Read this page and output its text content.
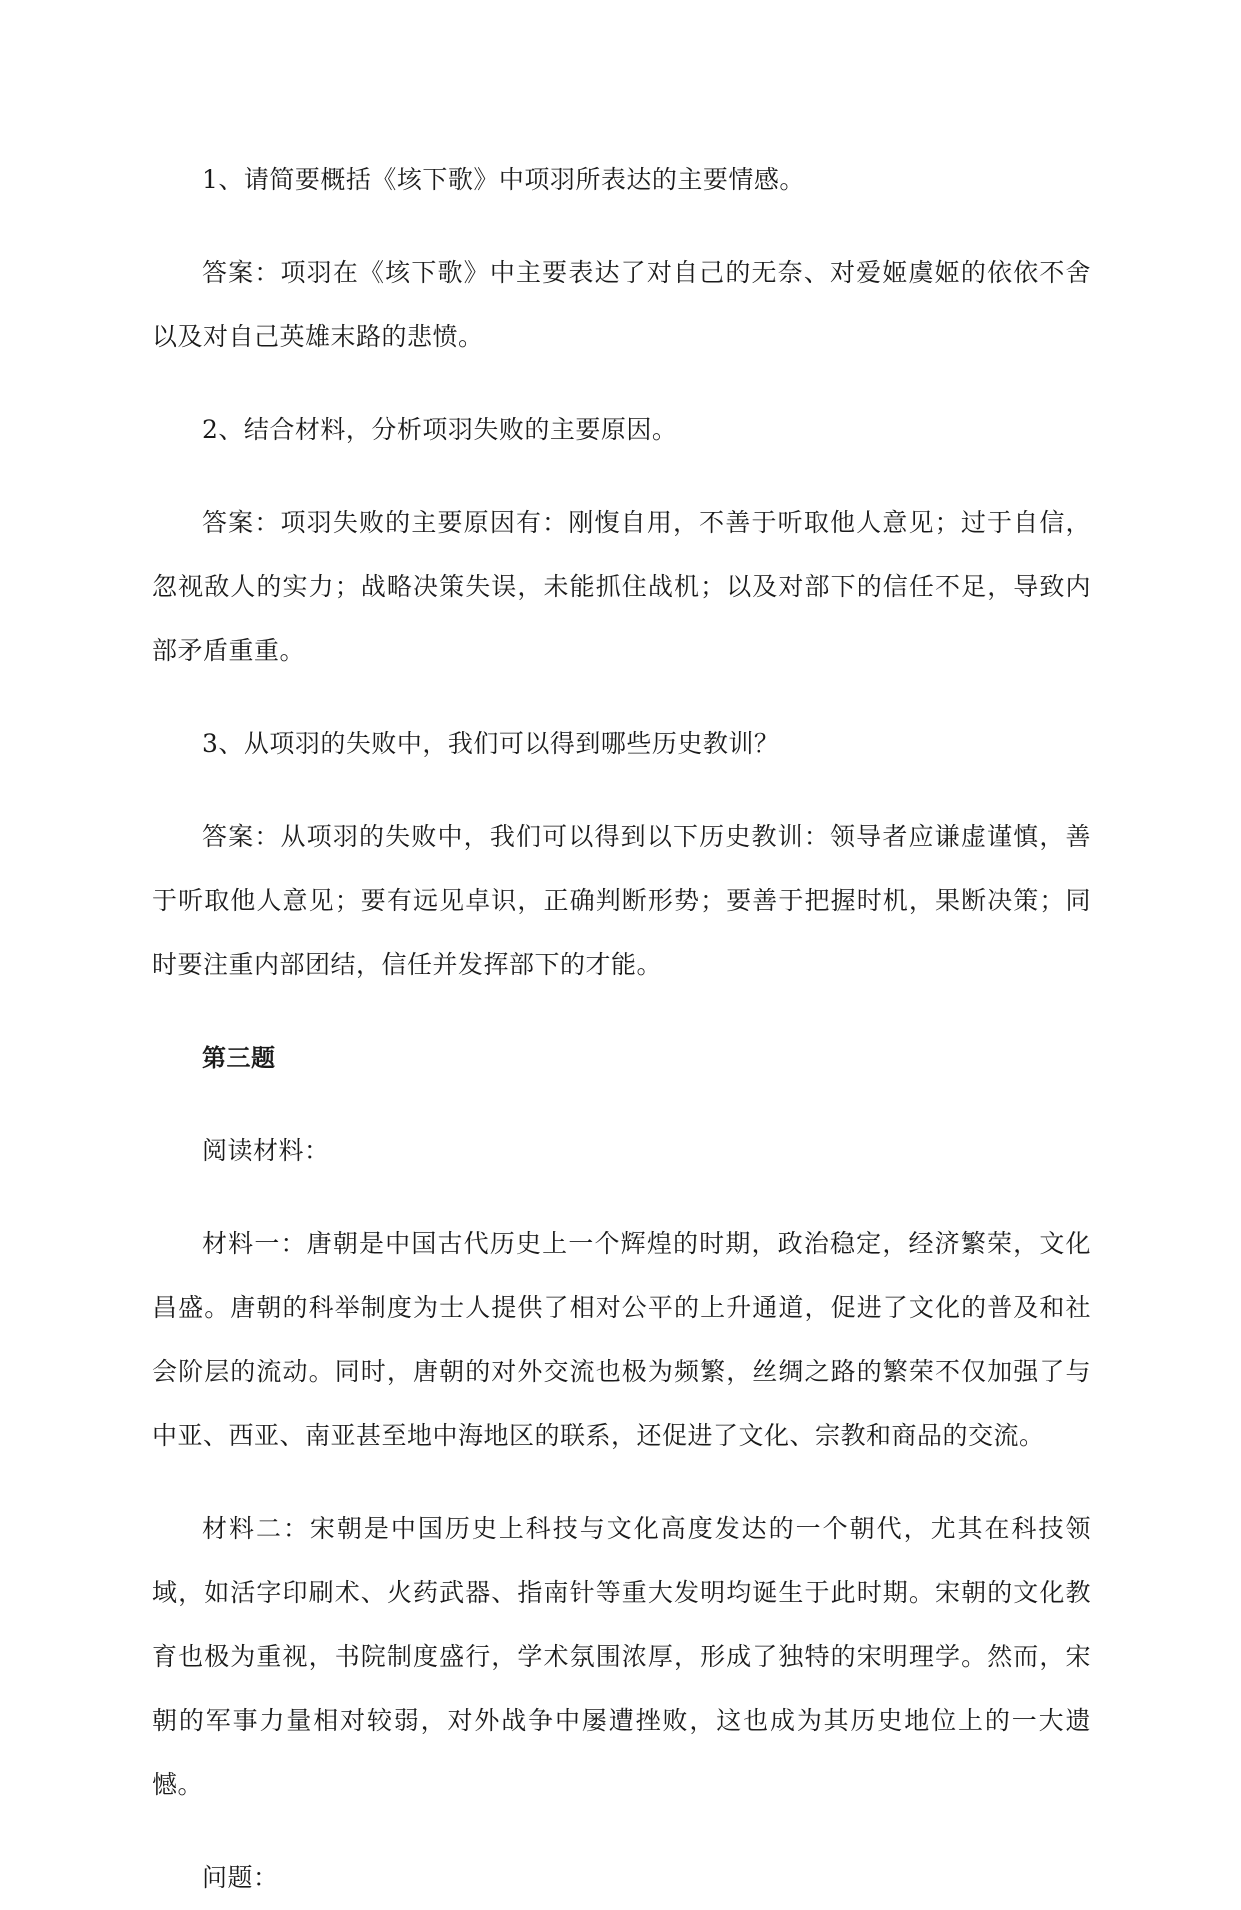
1、请简要概括《垓下歌》中项羽所表达的主要情感。

答案：项羽在《垓下歌》中主要表达了对自己的无奈、对爱姬虞姬的依依不舍以及对自己英雄末路的悲愤。

2、结合材料，分析项羽失败的主要原因。

答案：项羽失败的主要原因有：刚愎自用，不善于听取他人意见；过于自信，忽视敌人的实力；战略决策失误，未能抓住战机；以及对部下的信任不足，导致内部矛盾重重。

3、从项羽的失败中，我们可以得到哪些历史教训？

答案：从项羽的失败中，我们可以得到以下历史教训：领导者应谦虚谨慎，善于听取他人意见；要有远见卓识，正确判断形势；要善于把握时机，果断决策；同时要注重内部团结，信任并发挥部下的才能。

第三题

阅读材料：

材料一：唐朝是中国古代历史上一个辉煌的时期，政治稳定，经济繁荣，文化昌盛。唐朝的科举制度为士人提供了相对公平的上升通道，促进了文化的普及和社会阶层的流动。同时，唐朝的对外交流也极为频繁，丝绸之路的繁荣不仅加强了与中亚、西亚、南亚甚至地中海地区的联系，还促进了文化、宗教和商品的交流。

材料二：宋朝是中国历史上科技与文化高度发达的一个朝代，尤其在科技领域，如活字印刷术、火药武器、指南针等重大发明均诞生于此时期。宋朝的文化教育也极为重视，书院制度盛行，学术氛围浓厚，形成了独特的宋明理学。然而，宋朝的军事力量相对较弱，对外战争中屡遭挫败，这也成为其历史地位上的一大遗憾。

问题：
